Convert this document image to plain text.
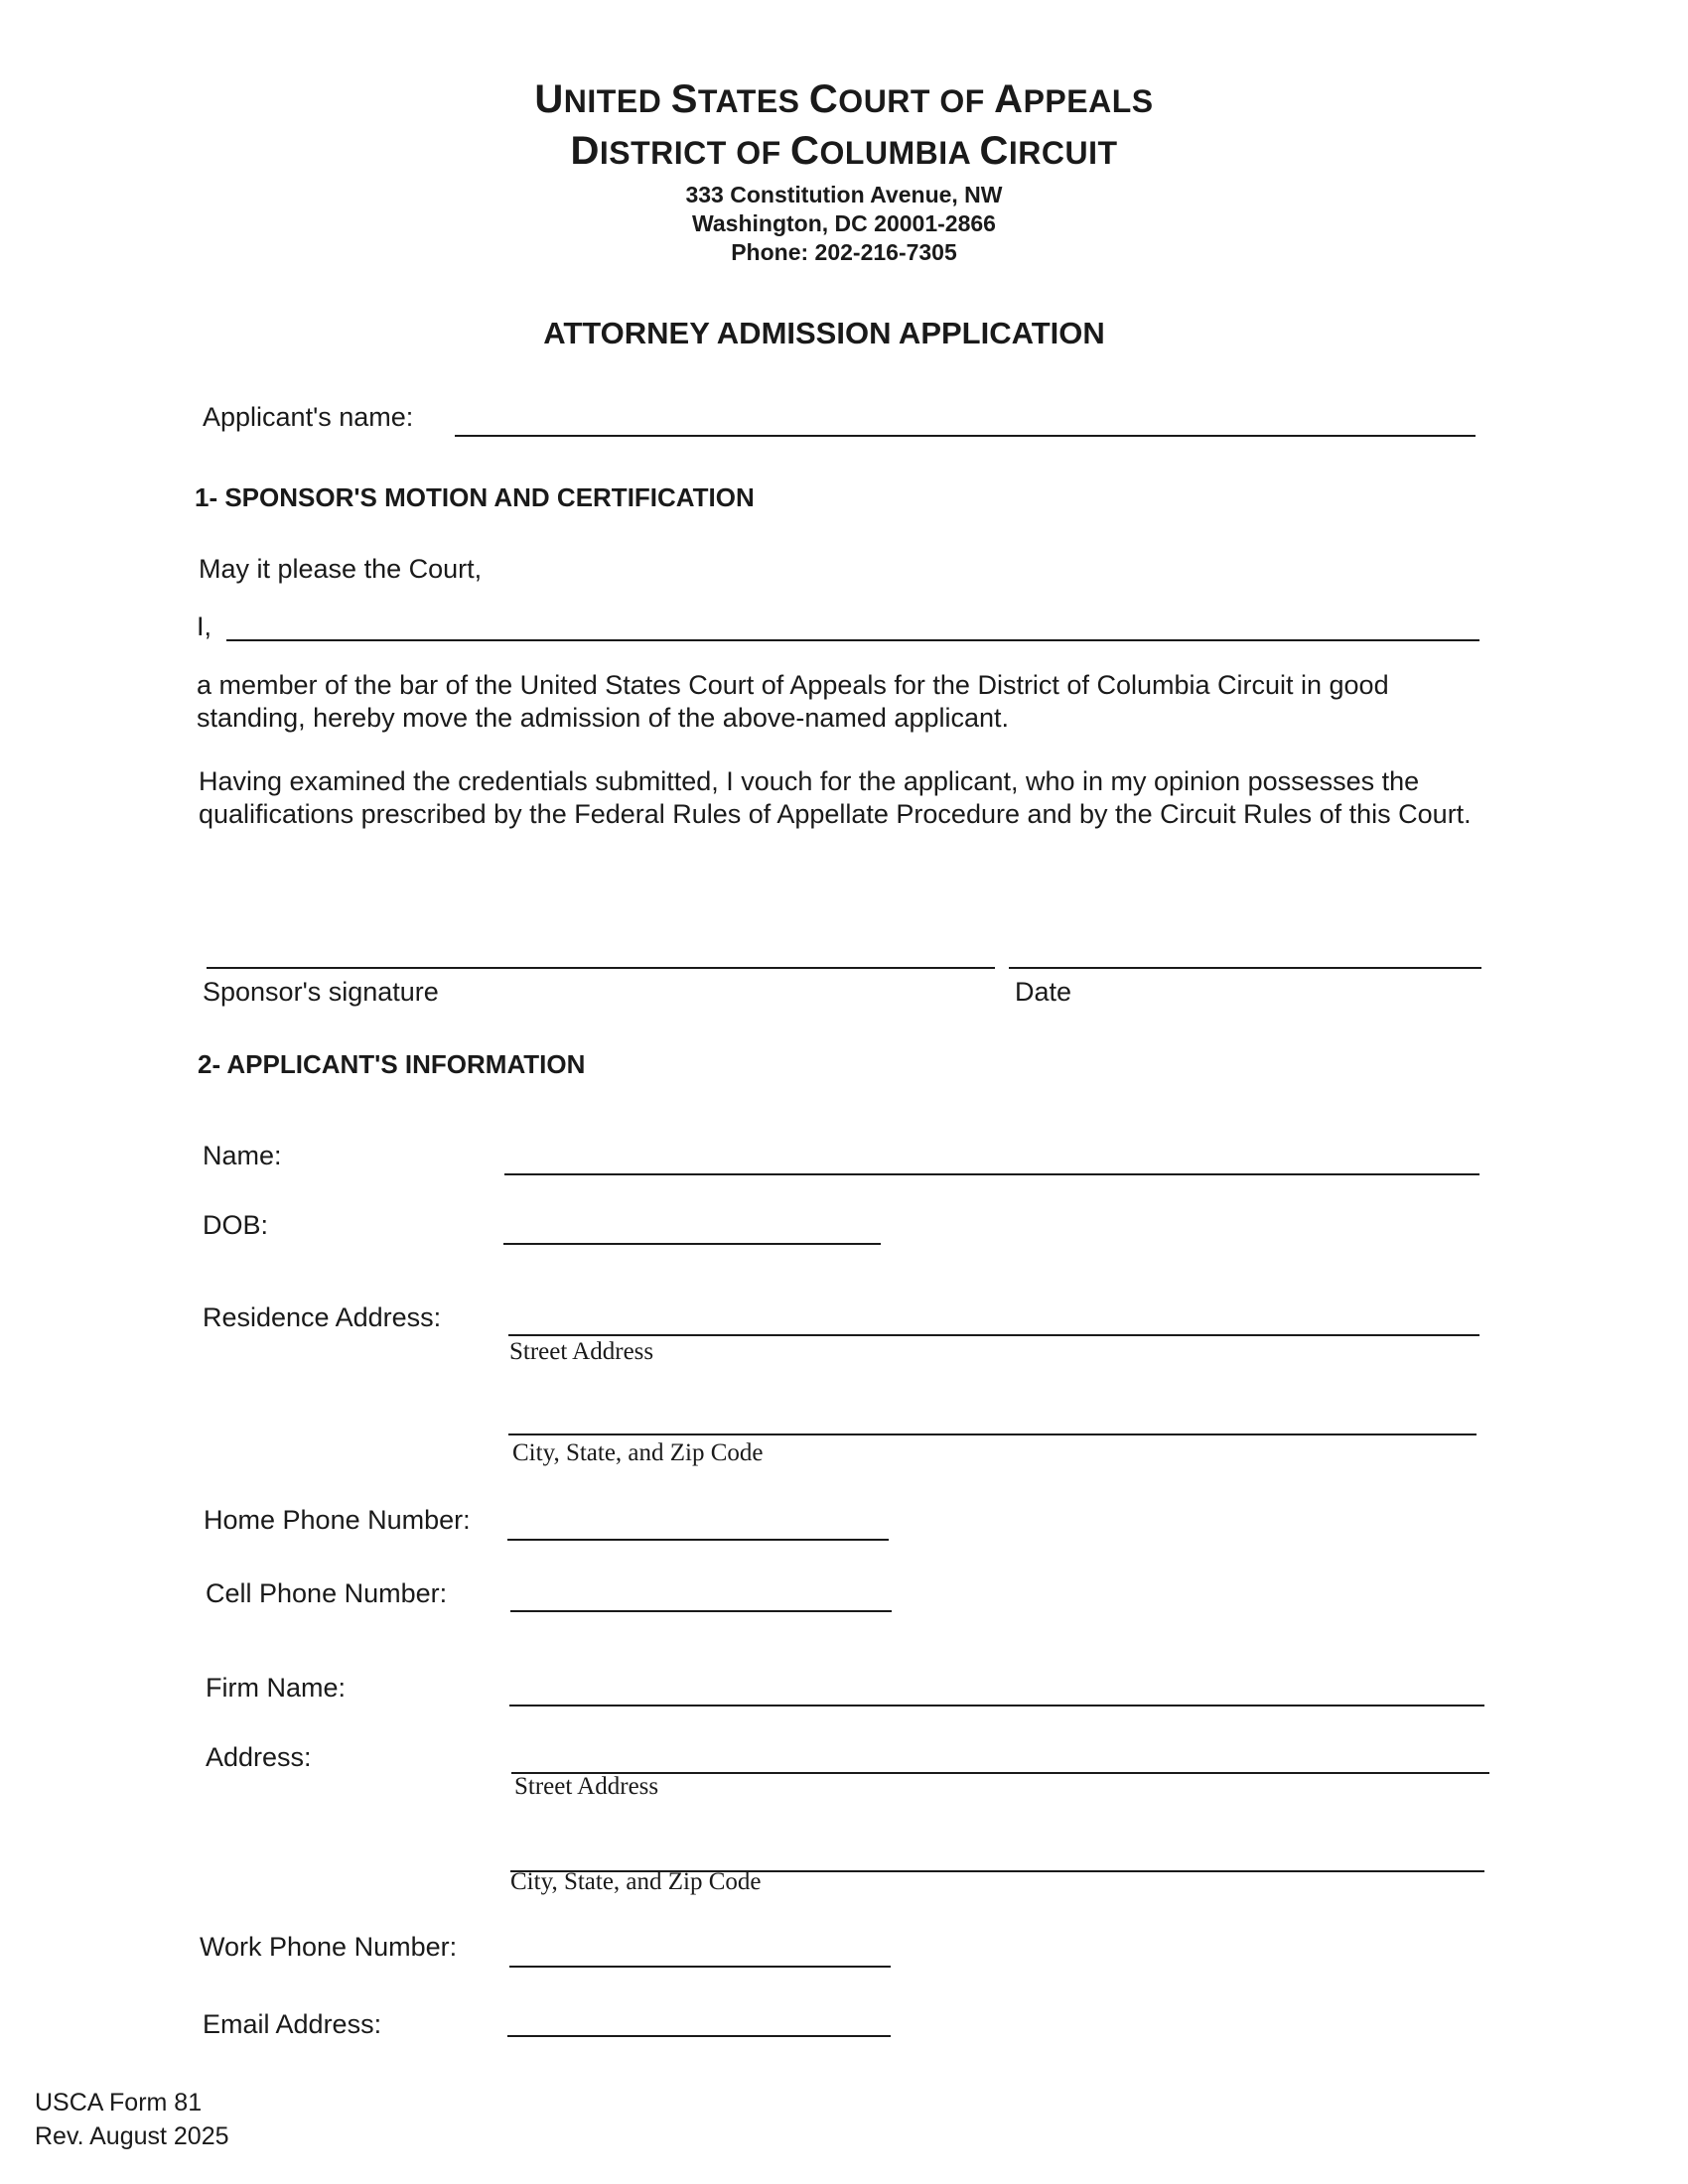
UNITED STATES COURT OF APPEALS
DISTRICT OF COLUMBIA CIRCUIT
333 Constitution Avenue, NW
Washington, DC 20001-2866
Phone: 202-216-7305
ATTORNEY ADMISSION APPLICATION
Applicant's name:
1- SPONSOR'S MOTION AND CERTIFICATION
May it please the Court,
I,
a member of the bar of the United States Court of Appeals for the District of Columbia Circuit in good standing, hereby move the admission of the above-named applicant.
Having examined the credentials submitted, I vouch for the applicant, who in my opinion possesses the qualifications prescribed by the Federal Rules of Appellate Procedure and by the Circuit Rules of this Court.
Sponsor's signature	Date
2- APPLICANT'S INFORMATION
Name:
DOB:
Residence Address:
Street Address
City, State, and Zip Code
Home Phone Number:
Cell Phone Number:
Firm Name:
Address:
Street Address
City, State, and Zip Code
Work Phone Number:
Email Address:
USCA Form 81
Rev. August 2025
